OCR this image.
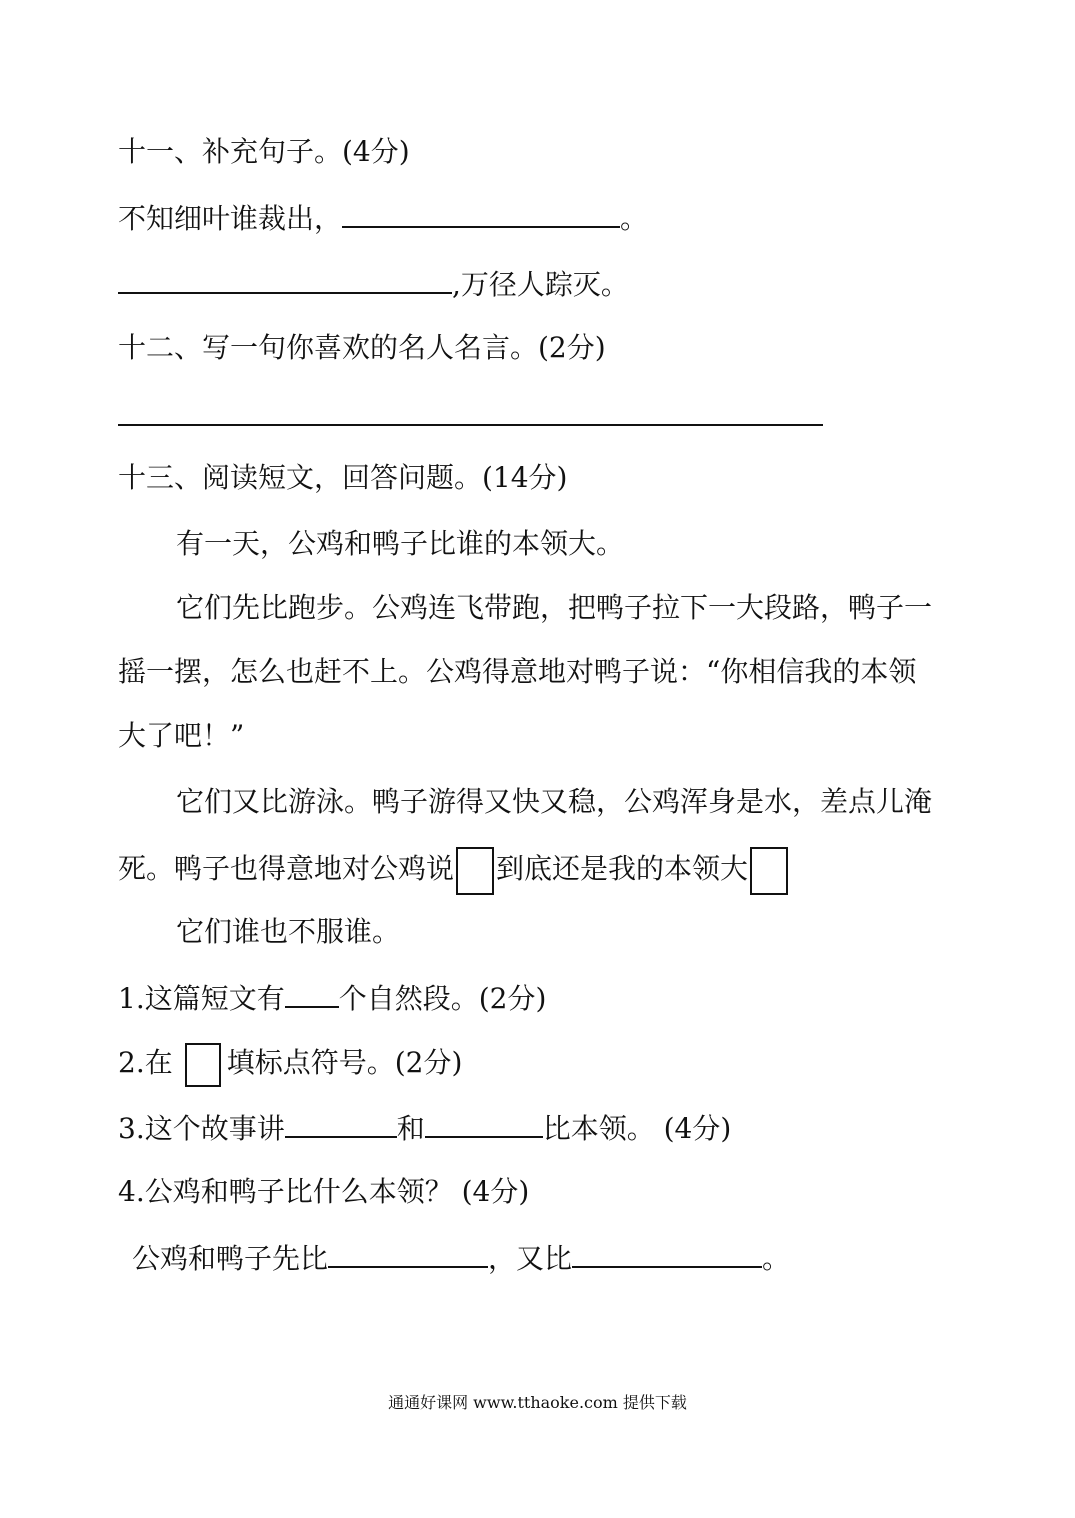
十一、补充句子。(4分)
不知细叶谁裁出，	。
,万径人踪灭。
十二、写一句你喜欢的名人名言。(2分)
十三、阅读短文，回答问题。(14分)
有一天，公鸡和鸭子比谁的本领大。
它们先比跑步。公鸡连飞带跑，把鸭子拉下一大段路，鸭子一
摇一摆，怎么也赶不上。公鸡得意地对鸭子说：“你相信我的本领
大了吧！”
它们又比游泳。鸭子游得又快又稳，公鸡浑身是水，差点儿淹
死。鸭子也得意地对公鸡说 到底还是我的本领大
它们谁也不服谁。
1.这篇短文有 个自然段。(2分)
2.在 填标点符号。(2分)
3.这个故事讲	和	比本领。 (4分)
4.公鸡和鸭子比什么本领？ (4分)
公鸡和鸭子先比	，又比	。
通通好课网 www.tthaoke.com 提供下载
